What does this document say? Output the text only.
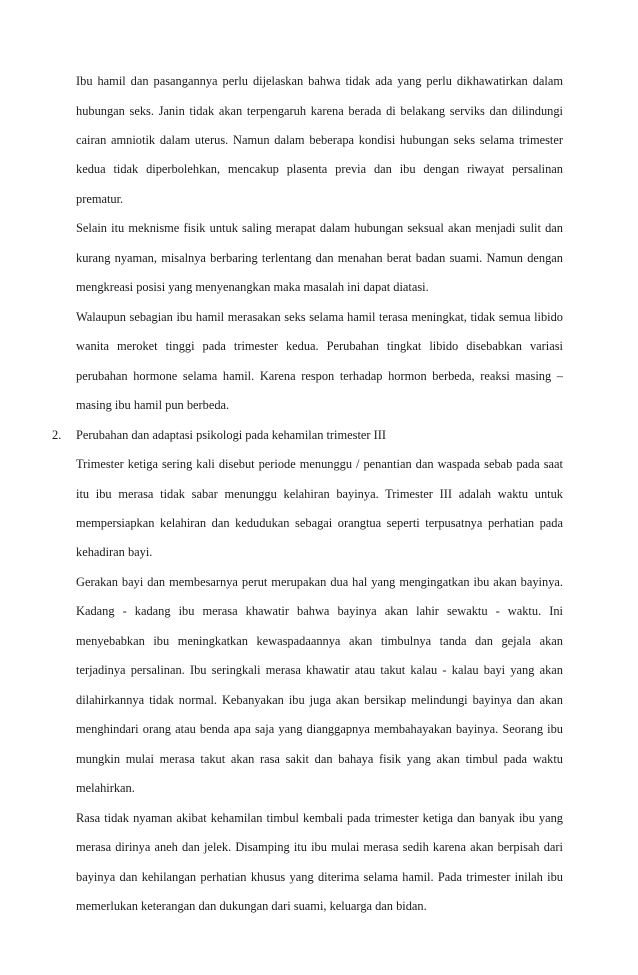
Ibu hamil dan pasangannya perlu dijelaskan bahwa tidak ada yang perlu dikhawatirkan dalam
hubungan seks. Janin tidak akan terpengaruh karena berada di belakang serviks dan dilindungi
cairan amniotik dalam uterus. Namun dalam beberapa kondisi hubungan seks selama trimester
kedua tidak diperbolehkan, mencakup plasenta previa dan ibu dengan riwayat persalinan
prematur.
Selain itu meknisme fisik untuk saling merapat dalam hubungan seksual akan menjadi sulit dan
kurang nyaman, misalnya berbaring terlentang dan menahan berat badan suami. Namun dengan
mengkreasi posisi yang menyenangkan maka masalah ini dapat diatasi.
Walaupun sebagian ibu hamil merasakan seks selama hamil terasa meningkat, tidak semua libido
wanita meroket tinggi pada trimester kedua. Perubahan tingkat libido disebabkan variasi
perubahan hormone selama hamil. Karena respon terhadap hormon berbeda, reaksi masing –
masing ibu hamil pun berbeda.
2. Perubahan dan adaptasi psikologi pada kehamilan trimester III
Trimester ketiga sering kali disebut periode menunggu / penantian dan waspada sebab pada saat
itu ibu merasa tidak sabar menunggu kelahiran bayinya. Trimester III adalah waktu untuk
mempersiapkan kelahiran dan kedudukan sebagai orangtua seperti terpusatnya perhatian pada
kehadiran bayi.
Gerakan bayi dan membesarnya perut merupakan dua hal yang mengingatkan ibu akan bayinya.
Kadang - kadang ibu merasa khawatir bahwa bayinya akan lahir sewaktu - waktu. Ini
menyebabkan ibu meningkatkan kewaspadaannya akan timbulnya tanda dan gejala akan
terjadinya persalinan. Ibu seringkali merasa khawatir atau takut kalau - kalau bayi yang akan
dilahirkannya tidak normal. Kebanyakan ibu juga akan bersikap melindungi bayinya dan akan
menghindari orang atau benda apa saja yang dianggapnya membahayakan bayinya. Seorang ibu
mungkin mulai merasa takut akan rasa sakit dan bahaya fisik yang akan timbul pada waktu
melahirkan.
Rasa tidak nyaman akibat kehamilan timbul kembali pada trimester ketiga dan banyak ibu yang
merasa dirinya aneh dan jelek. Disamping itu ibu mulai merasa sedih karena akan berpisah dari
bayinya dan kehilangan perhatian khusus yang diterima selama hamil. Pada trimester inilah ibu
memerlukan keterangan dan dukungan dari suami, keluarga dan bidan.
